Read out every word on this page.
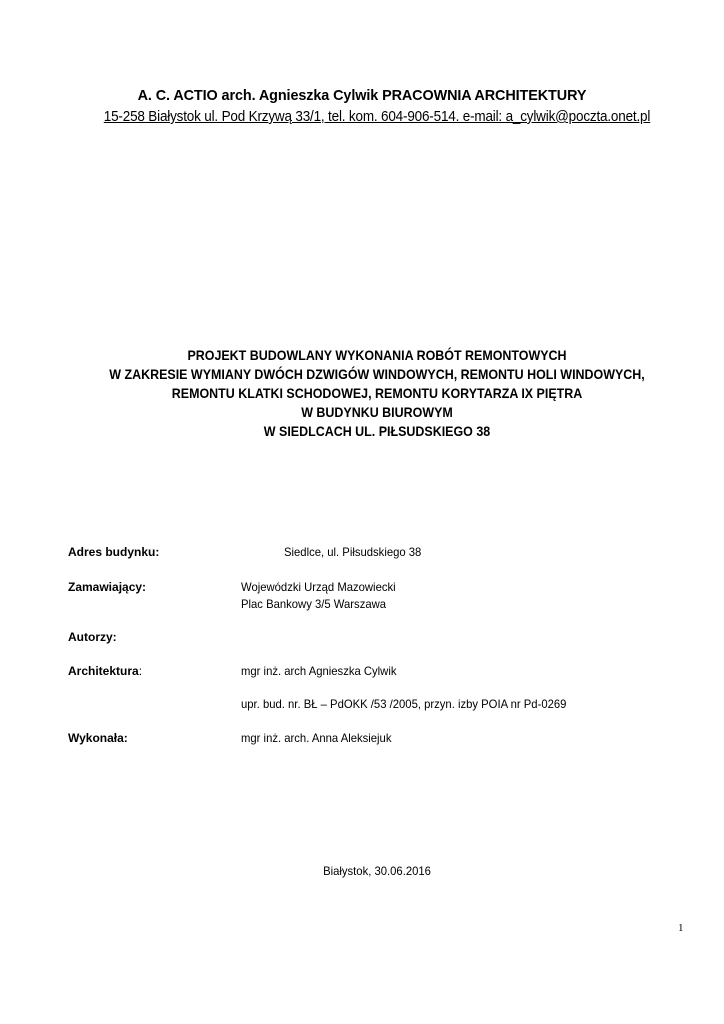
A. C. ACTIO arch. Agnieszka Cylwik PRACOWNIA ARCHITEKTURY
15-258 Białystok ul. Pod Krzywą 33/1, tel. kom. 604-906-514. e-mail: a_cylwik@poczta.onet.pl
PROJEKT BUDOWLANY WYKONANIA ROBÓT REMONTOWYCH
W ZAKRESIE WYMIANY DWÓCH DZWIGÓW WINDOWYCH, REMONTU HOLI WINDOWYCH,
REMONTU KLATKI SCHODOWEJ, REMONTU KORYTARZA IX PIĘTRA
W BUDYNKU BIUROWYM
W SIEDLCACH UL. PIŁSUDSKIEGO 38
Adres budynku:	Siedlce, ul. Piłsudskiego 38
Zamawiający:	Wojewódzki Urząd Mazowiecki
Plac Bankowy 3/5 Warszawa
Autorzy:
Architektura:	mgr inż. arch Agnieszka Cylwik
upr. bud. nr. BŁ – PdOKK /53 /2005, przyn. izby POIA nr Pd-0269
Wykonała:	mgr inż. arch. Anna Aleksiejuk
Białystok, 30.06.2016
1
